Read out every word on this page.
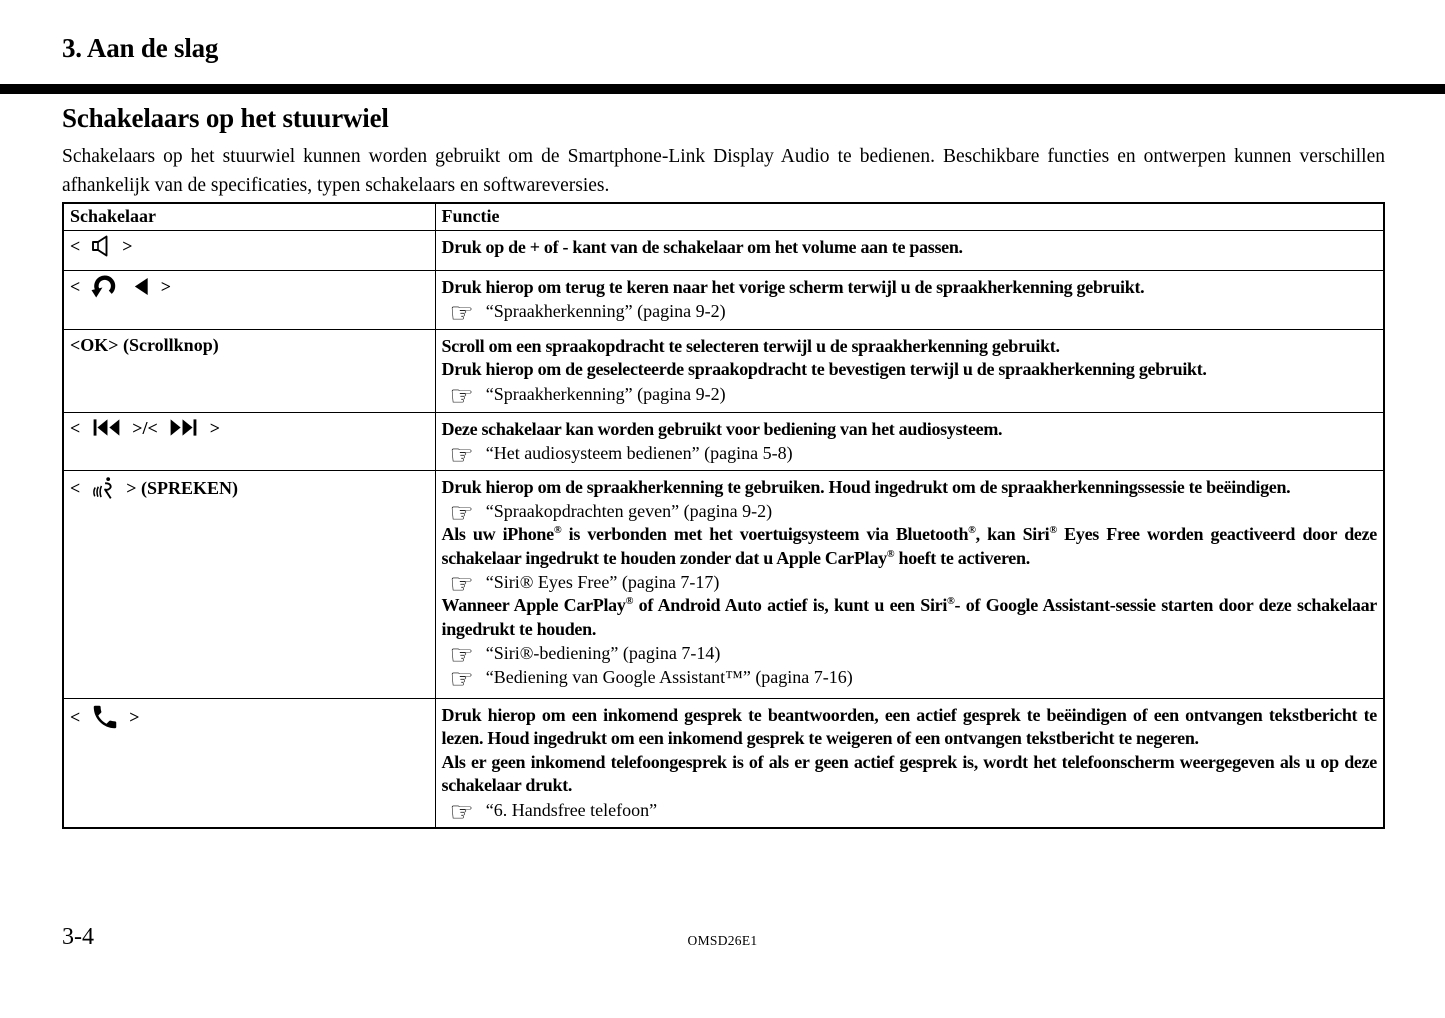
3. Aan de slag
Schakelaars op het stuurwiel
Schakelaars op het stuurwiel kunnen worden gebruikt om de Smartphone-Link Display Audio te bedienen. Beschikbare functies en ontwerpen kunnen verschillen afhankelijk van de specificaties, typen schakelaars en softwareversies.
Schakelaar	Functie
<  >	Druk op de + of - kant van de schakelaar om het volume aan te passen.

< >	Druk hierop om terug te keren naar het vorige scherm terwijl u de spraakherkenning gebruikt.
☞ “Spraakherkenning” (pagina 9-2)

<OK> (Scrollknop)	Scroll om een spraakopdracht te selecteren terwijl u de spraakherkenning gebruikt.
Druk hierop om de geselecteerde spraakopdracht te bevestigen terwijl u de spraakherkenning gebruikt.
☞ “Spraakherkenning” (pagina 9-2)

<  >/<  >	Deze schakelaar kan worden gebruikt voor bediening van het audiosysteem.
☞ “Het audiosysteem bedienen” (pagina 5-8)

<  > (SPREKEN)	Druk hierop om de spraakherkenning te gebruiken. Houd ingedrukt om de spraakherkenningssessie te beëindigen.
☞ “Spraakopdrachten geven” (pagina 9-2)
Als uw iPhone® is verbonden met het voertuigsysteem via Bluetooth®, kan Siri® Eyes Free worden geactiveerd door deze schakelaar ingedrukt te houden zonder dat u Apple CarPlay® hoeft te activeren.
☞ “Siri® Eyes Free” (pagina 7-17)
Wanneer Apple CarPlay® of Android Auto actief is, kunt u een Siri®- of Google Assistant-sessie starten door deze schakelaar ingedrukt te houden.
☞ “Siri®-bediening” (pagina 7-14)
☞ “Bediening van Google Assistant™” (pagina 7-16)

<  >	Druk hierop om een inkomend gesprek te beantwoorden, een actief gesprek te beëindigen of een ontvangen tekstbericht te lezen. Houd ingedrukt om een inkomend gesprek te weigeren of een ontvangen tekstbericht te negeren.
Als er geen inkomend telefoongesprek is of als er geen actief gesprek is, wordt het telefoonscherm weergegeven als u op deze schakelaar drukt.
☞ “6. Handsfree telefoon”
3-4	OMSD26E1
